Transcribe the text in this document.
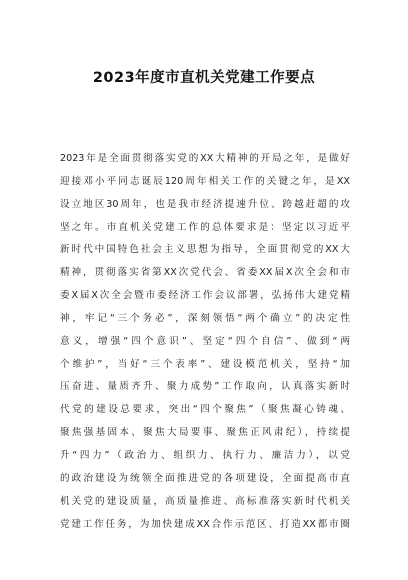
2023年度市直机关党建工作要点
2023年是全面贯彻落实党的XX大精神的开局之年，是做好
迎接邓小平同志诞辰120周年相关工作的关键之年，是XX
设立地区30周年，也是我市经济提速升位、跨越赶超的攻
坚之年。市直机关党建工作的总体要求是：坚定以习近平
新时代中国特色社会主义思想为指导，全面贯彻党的XX大
精神，贯彻落实省第XX次党代会、省委XX届X次全会和市
委X届X次全会暨市委经济工作会议部署，弘扬伟大建党精
神，牢记“三个务必”，深刻领悟“两个确立”的决定性
意义，增强“四个意识”、坚定“四个自信”、做到“两
个维护”，当好“三个表率”、建设模范机关，坚持“加
压奋进、量质齐升、聚力成势”工作取向，认真落实新时
代党的建设总要求，突出“四个聚焦”（聚焦凝心铸魂、
聚焦强基固本、聚焦大局要事、聚焦正风肃纪），持续提
升“四力”（政治力、组织力、执行力、廉洁力），以党
的政治建设为统领全面推进党的各项建设，全面提高市直
机关党的建设质量，高质量推进、高标准落实新时代机关
党建工作任务，为加快建成XX合作示范区、打造XX都市圈
